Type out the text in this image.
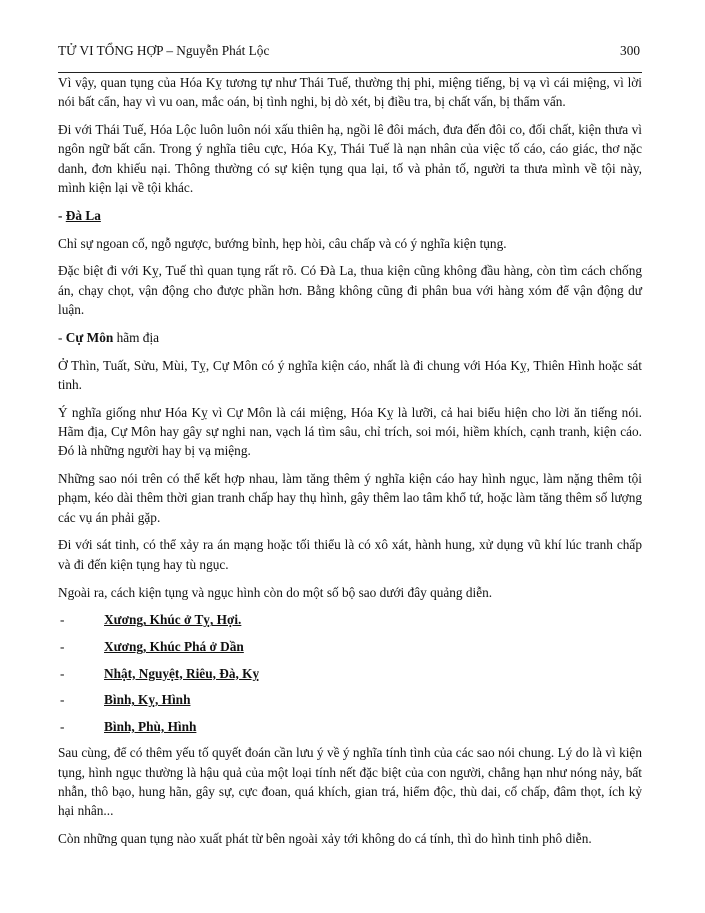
TỬ VI TỔNG HỢP – Nguyễn Phát Lộc	300

Vì vậy, quan tụng của Hóa Kỵ tương tự như Thái Tuế, thường thị phi, miệng tiếng, bị vạ vì cái miệng, vì lời nói bất cẩn, hay vì vu oan, mắc oán, bị tình nghi, bị dò xét, bị điều tra, bị chất vấn, bị thẩm vấn.

Đi với Thái Tuế, Hóa Lộc luôn luôn nói xấu thiên hạ, ngồi lê đôi mách, đưa đến đôi co, đối chất, kiện thưa vì ngôn ngữ bất cẩn. Trong ý nghĩa tiêu cực, Hóa Kỵ, Thái Tuế là nạn nhân của việc tố cáo, cáo giác, thơ nặc danh, đơn khiếu nại. Thông thường có sự kiện tụng qua lại, tố và phản tố, người ta thưa mình về tội này, mình kiện lại về tội khác.

- Đà La

Chỉ sự ngoan cố, ngỗ ngược, bướng bỉnh, hẹp hòi, câu chấp và có ý nghĩa kiện tụng.

Đặc biệt đi với Kỵ, Tuế thì quan tụng rất rõ. Có Đà La, thua kiện cũng không đầu hàng, còn tìm cách chống án, chạy chọt, vận động cho được phần hơn. Bằng không cũng đi phân bua với hàng xóm để vận động dư luận.

- Cự Môn hãm địa

Ở Thìn, Tuất, Sửu, Mùi, Tỵ, Cự Môn có ý nghĩa kiện cáo, nhất là đi chung với Hóa Kỵ, Thiên Hình hoặc sát tinh.

Ý nghĩa giống như Hóa Kỵ vì Cự Môn là cái miệng, Hóa Kỵ là lưỡi, cả hai biểu hiện cho lời ăn tiếng nói. Hãm địa, Cự Môn hay gây sự nghi nan, vạch lá tìm sâu, chỉ trích, soi mói, hiềm khích, cạnh tranh, kiện cáo. Đó là những người hay bị vạ miệng.

Những sao nói trên có thể kết hợp nhau, làm tăng thêm ý nghĩa kiện cáo hay hình ngục, làm nặng thêm tội phạm, kéo dài thêm thời gian tranh chấp hay thụ hình, gây thêm lao tâm khổ tứ, hoặc làm tăng thêm số lượng các vụ án phải gặp.

Đi với sát tinh, có thể xảy ra án mạng hoặc tối thiểu là có xô xát, hành hung, xử dụng vũ khí lúc tranh chấp và đi đến kiện tụng hay tù ngục.

Ngoài ra, cách kiện tụng và ngục hình còn do một số bộ sao dưới đây quảng diễn.

-	Xương, Khúc ở Tỵ, Hợi.
-	Xương, Khúc Phá ở Dần
-	Nhật, Nguyệt, Riêu, Đà, Kỵ
-	Bình, Kỵ, Hình
-	Bình, Phù, Hình

Sau cùng, để có thêm yếu tố quyết đoán cần lưu ý về ý nghĩa tính tình của các sao nói chung. Lý do là vì kiện tụng, hình ngục thường là hậu quả của một loại tính nết đặc biệt của con người, chẳng hạn như nóng nảy, bất nhẫn, thô bạo, hung hãn, gây sự, cực đoan, quá khích, gian trá, hiểm độc, thù dai, cố chấp, đâm thọt, ích kỷ hại nhân...

Còn những quan tụng nào xuất phát từ bên ngoài xảy tới không do cá tính, thì do hình tinh phô diễn.
